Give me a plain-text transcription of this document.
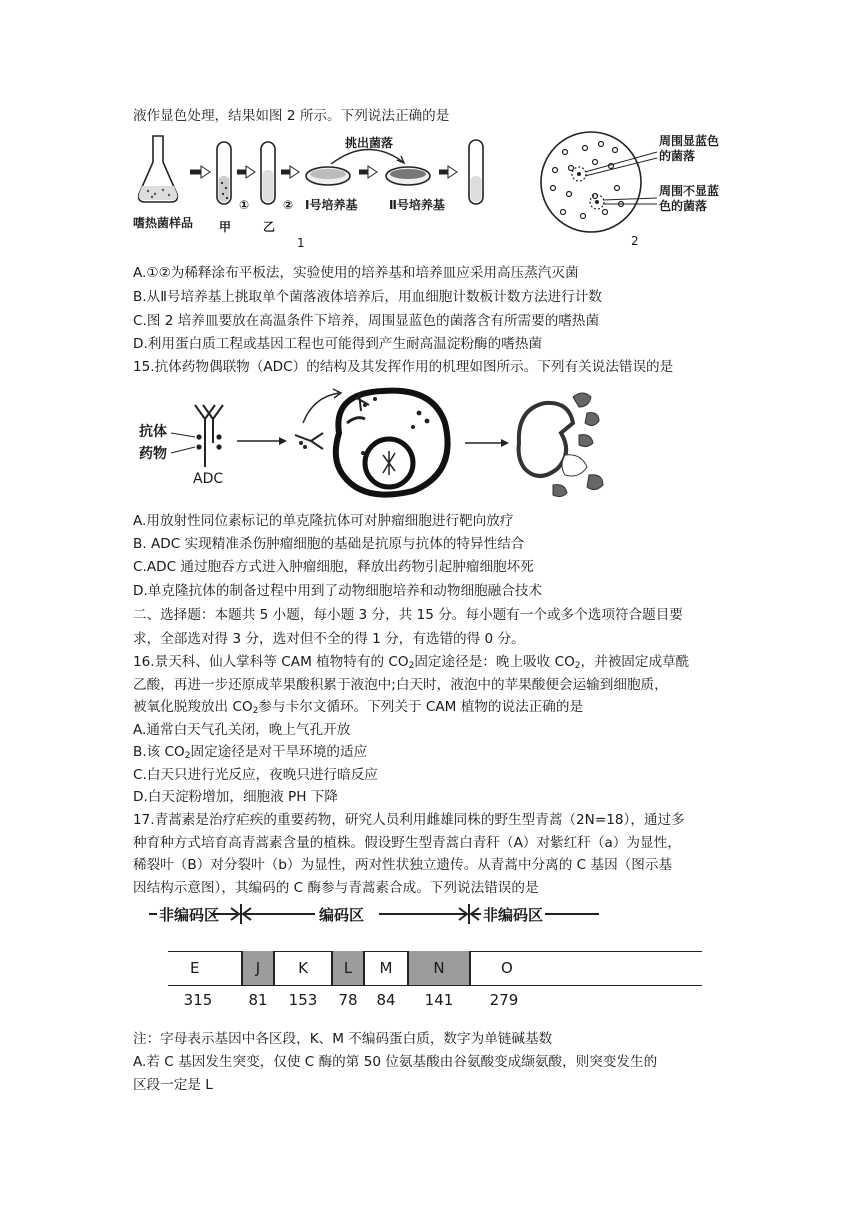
液作显色处理，结果如图 2 所示。下列说法正确的是
嗜热菌样品 甲	乙
①	②
挑出菌落
Ⅰ号培养基	Ⅱ号培养基
1
周围显蓝色的菌落
周围不显蓝色的菌落
2
A.①②为稀释涂布平板法，实验使用的培养基和培养皿应采用高压蒸汽灭菌
B.从Ⅱ号培养基上挑取单个菌落液体培养后，用血细胞计数板计数方法进行计数
C.图 2 培养皿要放在高温条件下培养，周围显蓝色的菌落含有所需要的嗜热菌
D.利用蛋白质工程或基因工程也可能得到产生耐高温淀粉酶的嗜热菌
15.抗体药物偶联物（ADC）的结构及其发挥作用的机理如图所示。下列有关说法错误的是
抗体
药物
ADC
A.用放射性同位素标记的单克隆抗体可对肿瘤细胞进行靶向放疗
B. ADC 实现精准杀伤肿瘤细胞的基础是抗原与抗体的特异性结合
C.ADC 通过胞吞方式进入肿瘤细胞，释放出药物引起肿瘤细胞坏死
D.单克隆抗体的制备过程中用到了动物细胞培养和动物细胞融合技术
二、选择题：本题共 5 小题，每小题 3 分，共 15 分。每小题有一个或多个选项符合题目要
求，全部选对得 3 分，选对但不全的得 1 分，有选错的得 0 分。
16.景天科、仙人掌科等 CAM 植物特有的 $CO_2$固定途径是：晚上吸收 $CO_2$，并被固定成草酰
乙酸，再进一步还原成苹果酸积累于液泡中;白天时，液泡中的苹果酸便会运输到细胞质，
被氧化脱羧放出 $CO_2$参与卡尔文循环。下列关于 CAM 植物的说法正确的是
A.通常白天气孔关闭，晚上气孔开放
B.该 $CO_2$固定途径是对干旱环境的适应
C.白天只进行光反应，夜晚只进行暗反应
D.白天淀粉增加，细胞液 PH 下降
17.青蒿素是治疗疟疾的重要药物，研究人员利用雌雄同株的野生型青蒿（2N=18），通过多
种育种方式培育高青蒿素含量的植株。假设野生型青蒿白青秆（A）对紫红秆（a）为显性，
稀裂叶（B）对分裂叶（b）为显性，两对性状独立遗传。从青蒿中分离的 C 基因（图示基
因结构示意图），其编码的 C 酶参与青蒿素合成。下列说法错误的是
非编码区	编码区	非编码区
E	J	K L M	N	O
315 81 153 78 84 141 279
注：字母表示基因中各区段，K、M 不编码蛋白质，数字为单链碱基数
A.若 C 基因发生突变，仅使 C 酶的第 50 位氨基酸由谷氨酸变成缬氨酸，则突变发生的
区段一定是 L
